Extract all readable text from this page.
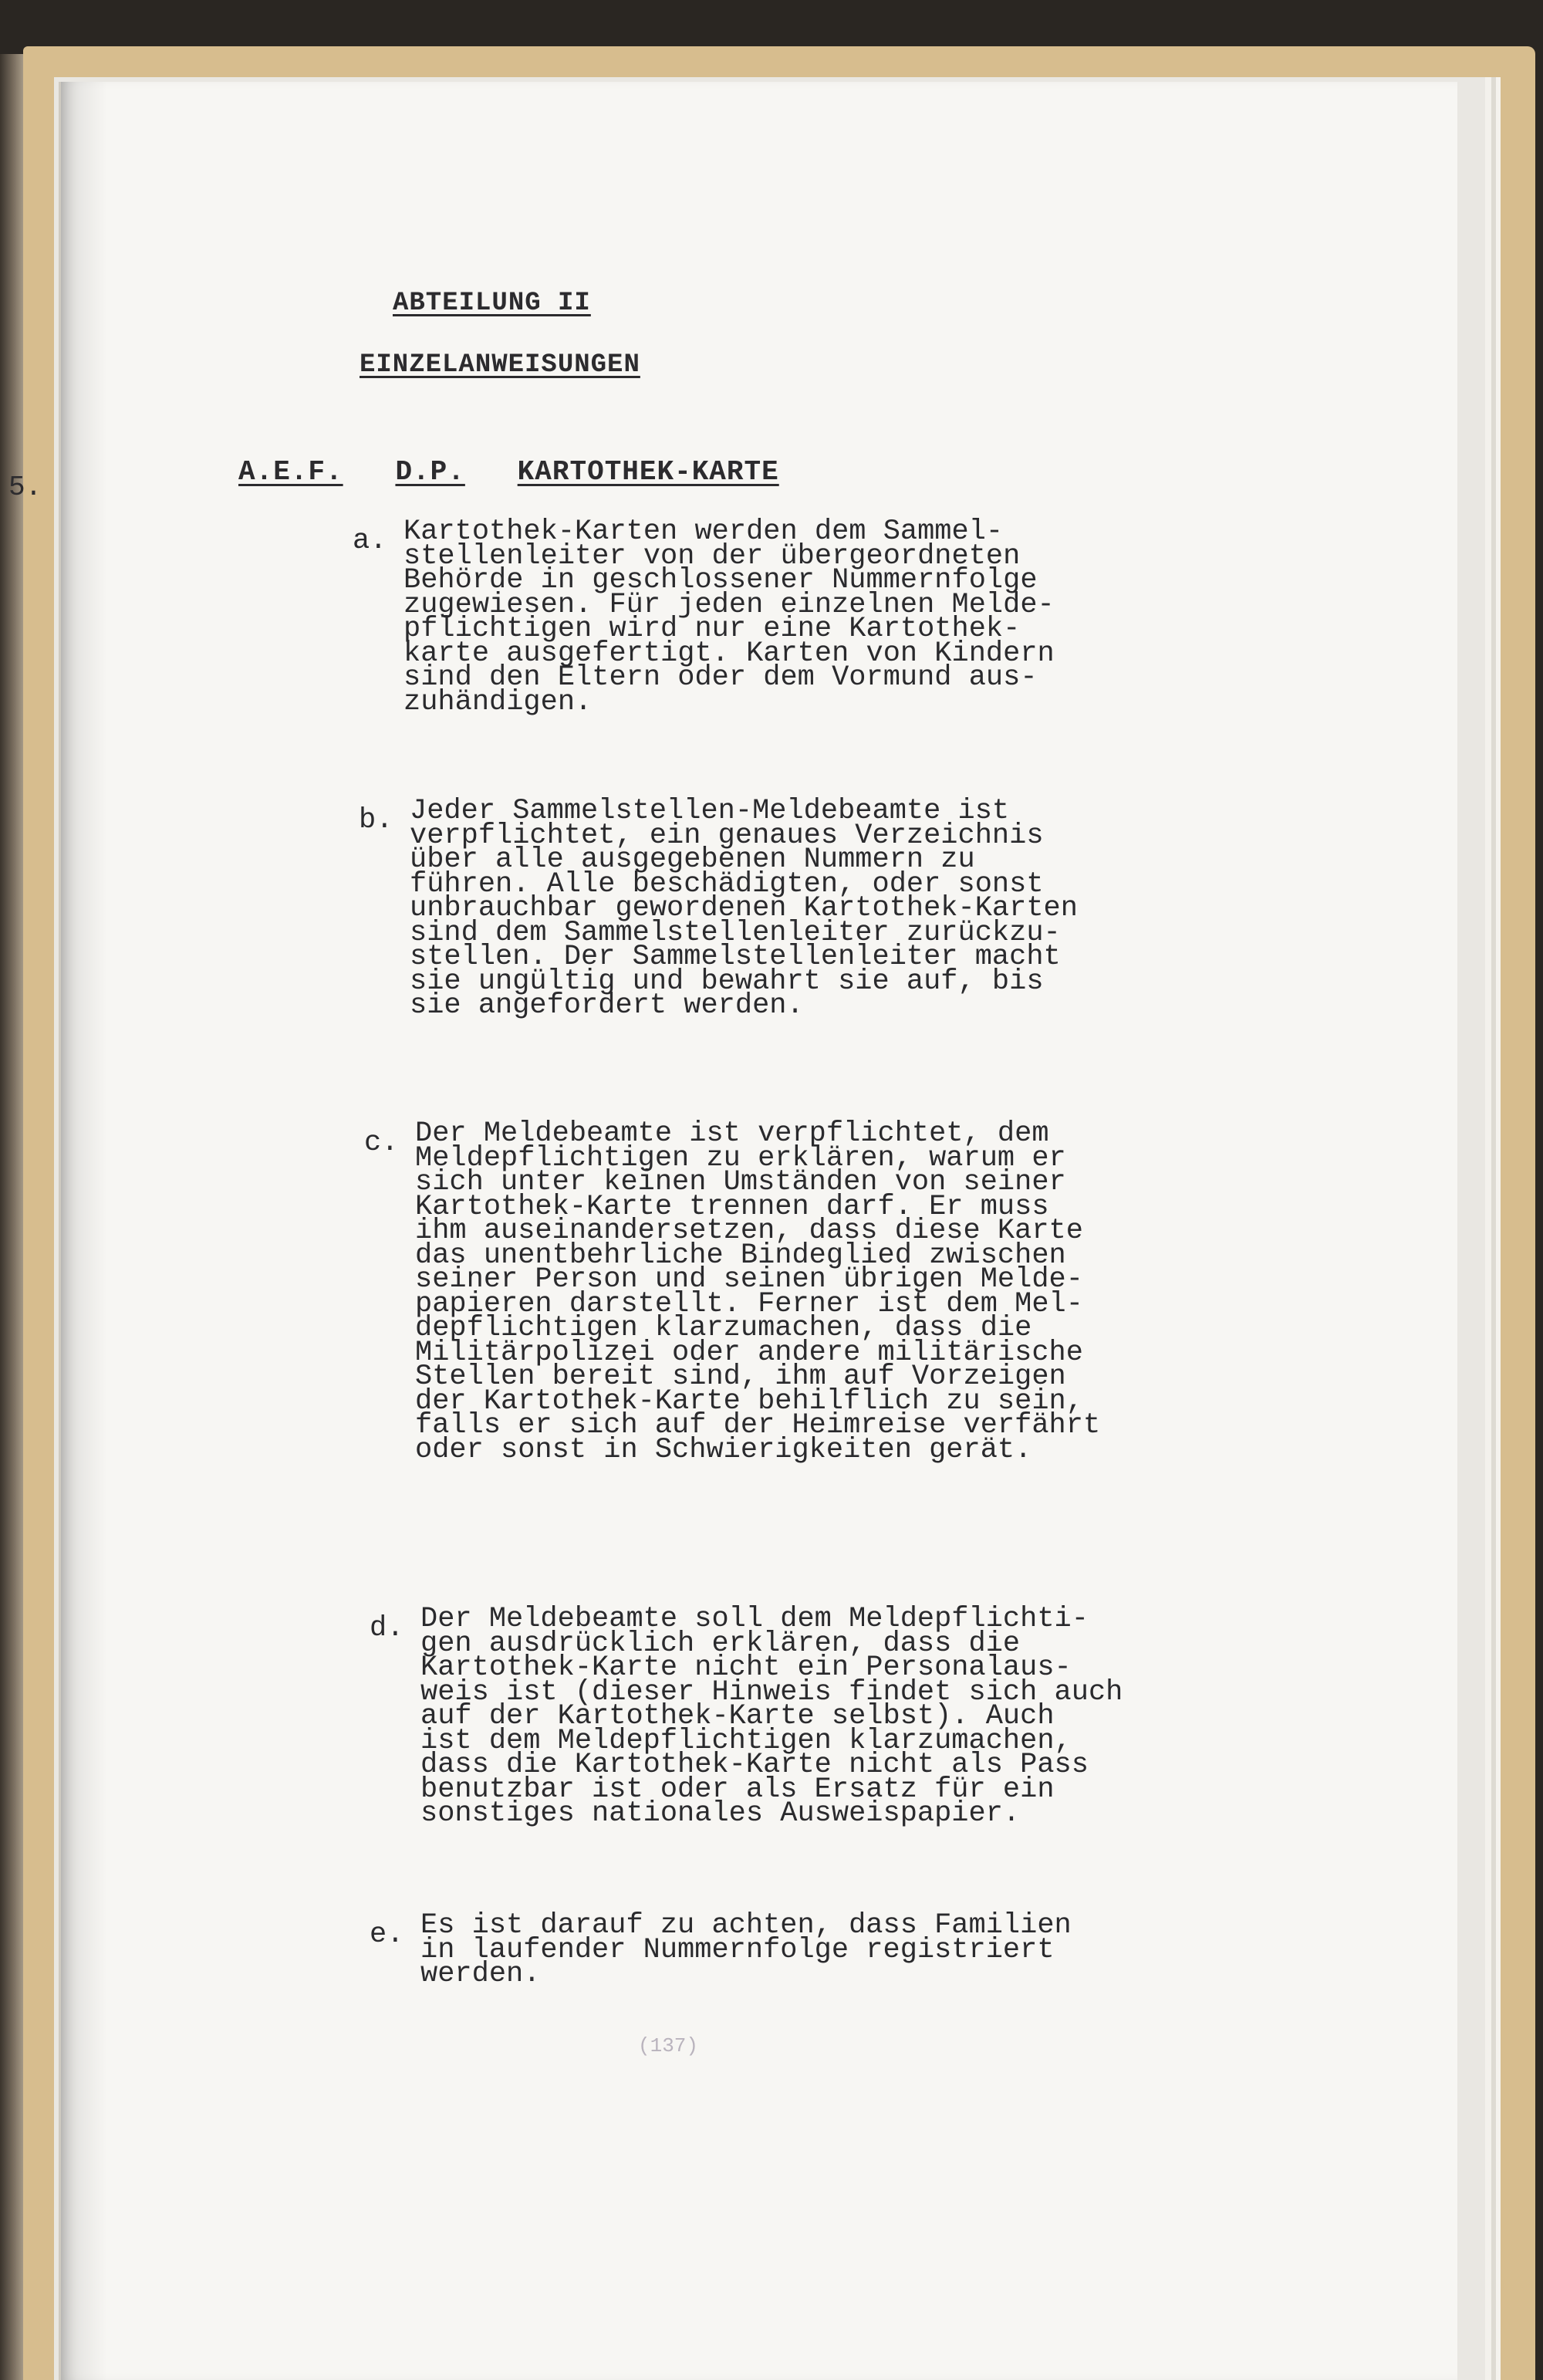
ABTEILUNG II
EINZELANWEISUNGEN
5.	A.E.F. D.P. KARTOTHEK-KARTE
a. Kartothek-Karten werden dem Sammel-
stellenleiter von der übergeordneten
Behörde in geschlossener Nummernfolge
zugewiesen. Für jeden einzelnen Melde-
pflichtigen wird nur eine Kartothek-
karte ausgefertigt. Karten von Kindern
sind den Eltern oder dem Vormund aus-
zuhändigen.
b. Jeder Sammelstellen-Meldebeamte ist
verpflichtet, ein genaues Verzeichnis
über alle ausgegebenen Nummern zu
führen. Alle beschädigten, oder sonst
unbrauchbar gewordenen Kartothek-Karten
sind dem Sammelstellenleiter zurückzu-
stellen. Der Sammelstellenleiter macht
sie ungültig und bewahrt sie auf, bis
sie angefordert werden.
c. Der Meldebeamte ist verpflichtet, dem
Meldepflichtigen zu erklären, warum er
sich unter keinen Umständen von seiner
Kartothek-Karte trennen darf. Er muss
ihm auseinandersetzen, dass diese Karte
das unentbehrliche Bindeglied zwischen
seiner Person und seinen übrigen Melde-
papieren darstellt. Ferner ist dem Mel-
depflichtigen klarzumachen, dass die
Militärpolizei oder andere militärische
Stellen bereit sind, ihm auf Vorzeigen
der Kartothek-Karte behilflich zu sein,
falls er sich auf der Heimreise verfährt
oder sonst in Schwierigkeiten gerät.
d. Der Meldebeamte soll dem Meldepflichti-
gen ausdrücklich erklären, dass die
Kartothek-Karte nicht ein Personalaus-
weis ist (dieser Hinweis findet sich auch
auf der Kartothek-Karte selbst). Auch
ist dem Meldepflichtigen klarzumachen,
dass die Kartothek-Karte nicht als Pass
benutzbar ist oder als Ersatz für ein
sonstiges nationales Ausweispapier.
e. Es ist darauf zu achten, dass Familien
in laufender Nummernfolge registriert
werden.
(137)
